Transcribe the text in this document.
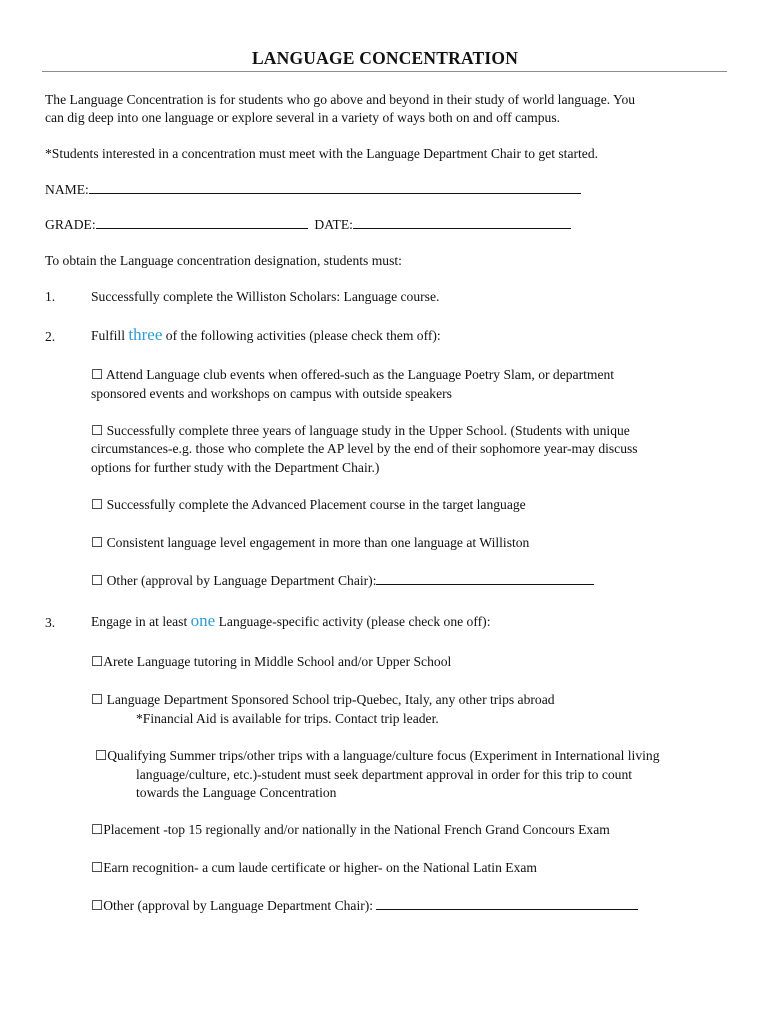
LANGUAGE CONCENTRATION
The Language Concentration is for students who go above and beyond in their study of world language. You
can dig deep into one language or explore several in a variety of ways both on and off campus.
*Students interested in a concentration must meet with the Language Department Chair to get started.
NAME:
GRADE:	DATE:
To obtain the Language concentration designation, students must:
1.	Successfully complete the Williston Scholars: Language course.
2.	Fulfill three of the following activities (please check them off):
☐ Attend Language club events when offered-such as the Language Poetry Slam, or department
sponsored events and workshops on campus with outside speakers
☐ Successfully complete three years of language study in the Upper School. (Students with unique
circumstances-e.g. those who complete the AP level by the end of their sophomore year-may discuss
options for further study with the Department Chair.)
☐ Successfully complete the Advanced Placement course in the target language
☐ Consistent language level engagement in more than one language at Williston
☐ Other (approval by Language Department Chair):
3.	Engage in at least one Language-specific activity (please check one off):
☐Arete Language tutoring in Middle School and/or Upper School
☐ Language Department Sponsored School trip-Quebec, Italy, any other trips abroad
*Financial Aid is available for trips. Contact trip leader.
☐Qualifying Summer trips/other trips with a language/culture focus (Experiment in International living
language/culture, etc.)-student must seek department approval in order for this trip to count
towards the Language Concentration
☐Placement -top 15 regionally and/or nationally in the National French Grand Concours Exam
☐Earn recognition- a cum laude certificate or higher- on the National Latin Exam
☐Other (approval by Language Department Chair):
